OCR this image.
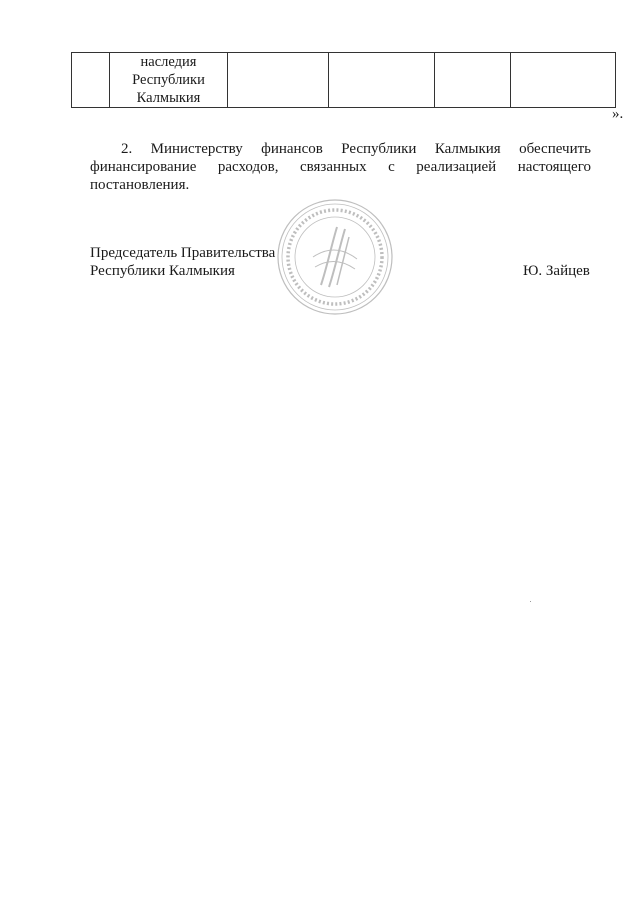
наследия
Республики
Калмыкия

».

2. Министерству финансов Республики Калмыкия обеспечить финансирование расходов, связанных с реализацией настоящего постановления.

Председатель Правительства
Республики Калмыкия	Ю. Зайцев
